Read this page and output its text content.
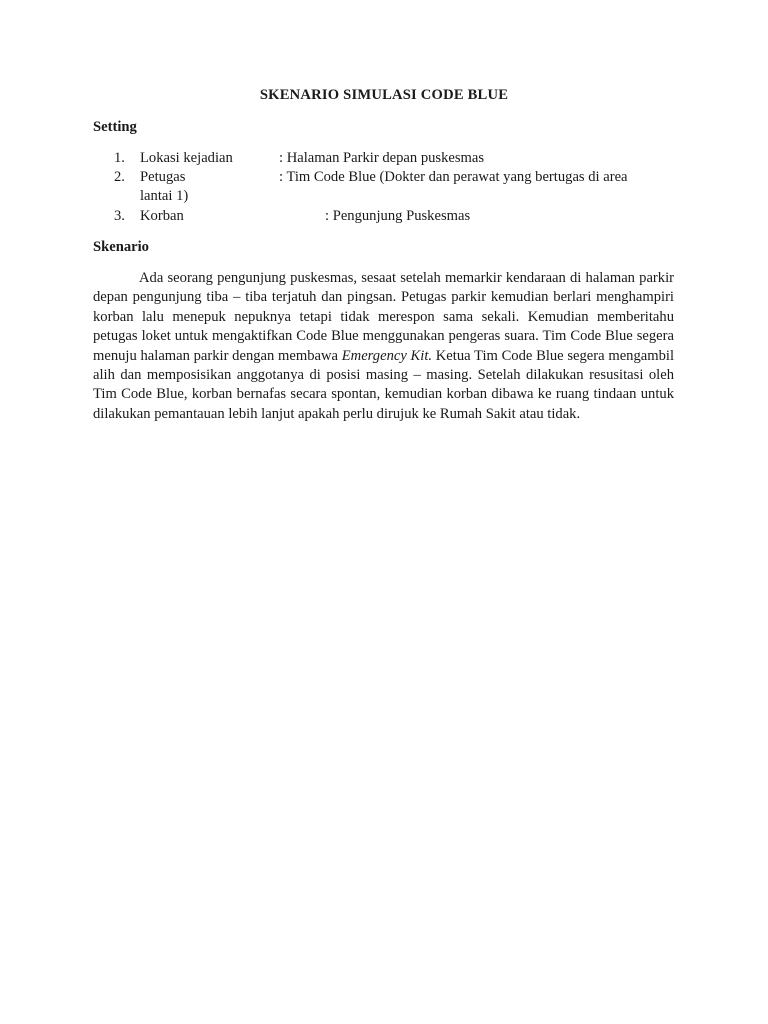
SKENARIO SIMULASI CODE BLUE
Setting
1. Lokasi kejadian	: Halaman Parkir depan puskesmas
2. Petugas	: Tim Code Blue (Dokter dan perawat yang bertugas di area
lantai 1)
3. Korban	: Pengunjung Puskesmas
Skenario

Ada seorang pengunjung puskesmas, sesaat setelah memarkir kendaraan di halaman parkir depan pengunjung tiba – tiba terjatuh dan pingsan. Petugas parkir kemudian berlari menghampiri korban lalu menepuk nepuknya tetapi tidak merespon sama sekali. Kemudian memberitahu petugas loket untuk mengaktifkan Code Blue menggunakan pengeras suara. Tim Code Blue segera menuju halaman parkir dengan membawa Emergency Kit. Ketua Tim Code Blue segera mengambil alih dan memposisikan anggotanya di posisi masing – masing. Setelah dilakukan resusitasi oleh Tim Code Blue, korban bernafas secara spontan, kemudian korban dibawa ke ruang tindaan untuk dilakukan pemantauan lebih lanjut apakah perlu dirujuk ke Rumah Sakit atau tidak.
